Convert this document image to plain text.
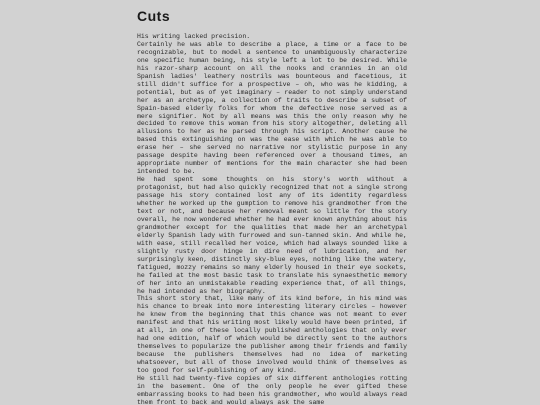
Cuts

His writing lacked precision.

Certainly he was able to describe a place, a time or a face to be recognizable, but to model a sentence to unambiguously characterize one specific human being, his style left a lot to be desired. While his razor-sharp account on all the nooks and crannies in an old Spanish ladies' leathery nostrils was bounteous and facetious, it still didn't suffice for a prospective – oh, who was he kidding, a potential, but as of yet imaginary – reader to not simply understand her as an archetype, a collection of traits to describe a subset of Spain-based elderly folks for whom the defective nose served as a mere signifier. Not by all means was this the only reason why he decided to remove this woman from his story altogether, deleting all allusions to her as he parsed through his script. Another cause he based this extinguishing on was the ease with which he was able to erase her – she served no narrative nor stylistic purpose in any passage despite having been referenced over a thousand times, an appropriate number of mentions for the main character she had been intended to be.

He had spent some thoughts on his story's worth without a protagonist, but had also quickly recognized that not a single strong passage his story contained lost any of its identity regardless whether he worked up the gumption to remove his grandmother from the text or not, and because her removal meant so little for the story overall, he now wondered whether he had ever known anything about his grandmother except for the qualities that made her an archetypal elderly Spanish lady with furrowed and sun-tanned skin. And while he, with ease, still recalled her voice, which had always sounded like a slightly rusty door hinge in dire need of lubrication, and her surprisingly keen, distinctly sky-blue eyes, nothing like the watery, fatigued, mozzy remains so many elderly housed in their eye sockets, he failed at the most basic task to translate his synaesthetic memory of her into an unmistakable reading experience that, of all things, he had intended as her biography.

This short story that, like many of its kind before, in his mind was his chance to break into more interesting literary circles – however he knew from the beginning that this chance was not meant to ever manifest and that his writing most likely would have been printed, if at all, in one of these locally published anthologies that only ever had one edition, half of which would be directly sent to the authors themselves to popularize the publisher among their friends and family because the publishers themselves had no idea of marketing whatsoever, but all of those involved would think of themselves as too good for self-publishing of any kind.

He still had twenty-five copies of six different anthologies rotting in the basement. One of the only people he ever gifted these embarrassing books to had been his grandmother, who would always read them front to back and would always ask the same
